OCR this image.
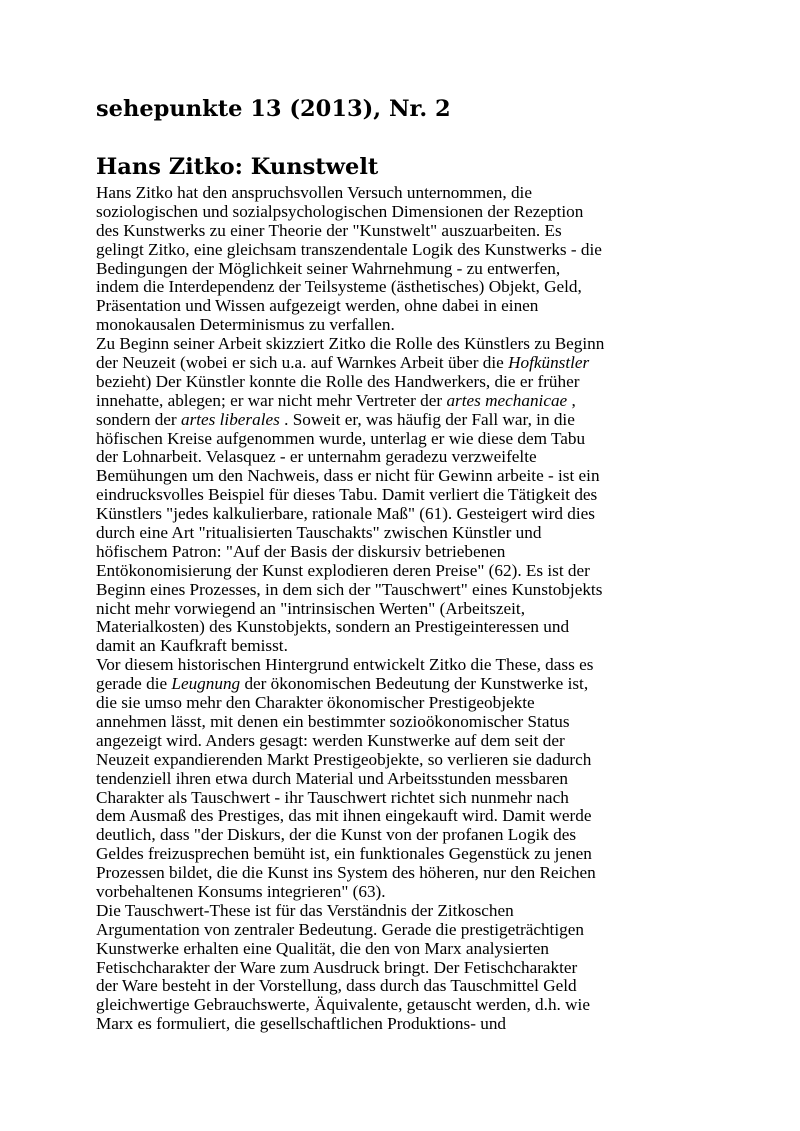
sehepunkte 13 (2013), Nr. 2
Hans Zitko: Kunstwelt
Hans Zitko hat den anspruchsvollen Versuch unternommen, die
soziologischen und sozialpsychologischen Dimensionen der Rezeption
des Kunstwerks zu einer Theorie der "Kunstwelt" auszuarbeiten. Es
gelingt Zitko, eine gleichsam transzendentale Logik des Kunstwerks - die
Bedingungen der Möglichkeit seiner Wahrnehmung - zu entwerfen,
indem die Interdependenz der Teilsysteme (ästhetisches) Objekt, Geld,
Präsentation und Wissen aufgezeigt werden, ohne dabei in einen
monokausalen Determinismus zu verfallen.
Zu Beginn seiner Arbeit skizziert Zitko die Rolle des Künstlers zu Beginn
der Neuzeit (wobei er sich u.a. auf Warnkes Arbeit über die Hofkünstler
bezieht) Der Künstler konnte die Rolle des Handwerkers, die er früher
innehatte, ablegen; er war nicht mehr Vertreter der artes mechanicae ,
sondern der artes liberales . Soweit er, was häufig der Fall war, in die
höfischen Kreise aufgenommen wurde, unterlag er wie diese dem Tabu
der Lohnarbeit. Velasquez - er unternahm geradezu verzweifelte
Bemühungen um den Nachweis, dass er nicht für Gewinn arbeite - ist ein
eindrucksvolles Beispiel für dieses Tabu. Damit verliert die Tätigkeit des
Künstlers "jedes kalkulierbare, rationale Maß" (61). Gesteigert wird dies
durch eine Art "ritualisierten Tauschakts" zwischen Künstler und
höfischem Patron: "Auf der Basis der diskursiv betriebenen
Entökonomisierung der Kunst explodieren deren Preise" (62). Es ist der
Beginn eines Prozesses, in dem sich der "Tauschwert" eines Kunstobjekts
nicht mehr vorwiegend an "intrinsischen Werten" (Arbeitszeit,
Materialkosten) des Kunstobjekts, sondern an Prestigeinteressen und
damit an Kaufkraft bemisst.
Vor diesem historischen Hintergrund entwickelt Zitko die These, dass es
gerade die Leugnung der ökonomischen Bedeutung der Kunstwerke ist,
die sie umso mehr den Charakter ökonomischer Prestigeobjekte
annehmen lässt, mit denen ein bestimmter sozioökonomischer Status
angezeigt wird. Anders gesagt: werden Kunstwerke auf dem seit der
Neuzeit expandierenden Markt Prestigeobjekte, so verlieren sie dadurch
tendenziell ihren etwa durch Material und Arbeitsstunden messbaren
Charakter als Tauschwert - ihr Tauschwert richtet sich nunmehr nach
dem Ausmaß des Prestiges, das mit ihnen eingekauft wird. Damit werde
deutlich, dass "der Diskurs, der die Kunst von der profanen Logik des
Geldes freizusprechen bemüht ist, ein funktionales Gegenstück zu jenen
Prozessen bildet, die die Kunst ins System des höheren, nur den Reichen
vorbehaltenen Konsums integrieren" (63).
Die Tauschwert-These ist für das Verständnis der Zitkoschen
Argumentation von zentraler Bedeutung. Gerade die prestigeträchtigen
Kunstwerke erhalten eine Qualität, die den von Marx analysierten
Fetischcharakter der Ware zum Ausdruck bringt. Der Fetischcharakter
der Ware besteht in der Vorstellung, dass durch das Tauschmittel Geld
gleichwertige Gebrauchswerte, Äquivalente, getauscht werden, d.h. wie
Marx es formuliert, die gesellschaftlichen Produktions- und
